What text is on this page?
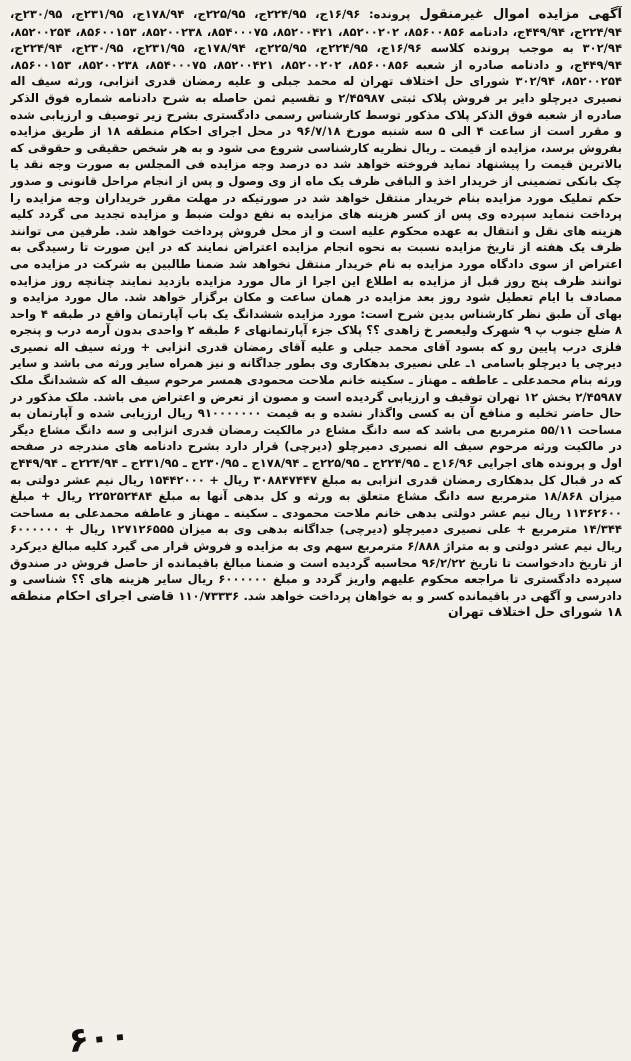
آگهی مزایده اموال غیرمنقول پرونده: ۱۶/۹۶ج، ۲۲۴/۹۵ج، ۲۲۵/۹۵ج، ۱۷۸/۹۴ج، ۲۳۱/۹۵ج، ۲۳۰/۹۵ج، ۲۲۴/۹۴ج، ۴۴۹/۹۴ج، دادنامه ۸۵۶۰۰۸۵۶، ۸۵۲۰۰۲۰۲، ۸۵۲۰۰۴۲۱، ۸۵۴۰۰۰۷۵، ۸۵۲۰۰۲۳۸، ۸۵۶۰۰۱۵۳، ۸۵۲۰۰۲۵۴، ۳۰۲/۹۴ به موجب پرونده کلاسه ۱۶/۹۶ج، ۲۲۴/۹۵ج، ۲۲۵/۹۵ج، ۱۷۸/۹۴ج، ۲۳۱/۹۵ج، ۲۳۰/۹۵ج، ۲۲۴/۹۴ج، ۴۴۹/۹۴ج، و دادنامه صادره از شعبه ۸۵۶۰۰۸۵۶، ۸۵۲۰۰۲۰۲، ۸۵۲۰۰۴۲۱، ۸۵۴۰۰۰۷۵، ۸۵۲۰۰۲۳۸، ۸۵۶۰۰۱۵۳، ۸۵۲۰۰۲۵۴، ۳۰۲/۹۴ شورای حل اختلاف تهران له محمد جبلی و علیه رمضان قدری انزابی، ورثه سیف اله نصیری دیرچلو دایر بر فروش پلاک ثبتی ۲/۴۵۹۸۷ و تقسیم ثمن حاصله به شرح دادنامه شماره فوق الذکر صادره از شعبه فوق الذکر پلاک مذکور توسط کارشناس رسمی دادگستری بشرح زیر توصیف و ارزیابی شده و مقرر است از ساعت ۴ الی ۵ سه شنبه مورخ ۹۶/۷/۱۸ در محل اجرای احکام منطقه ۱۸ از طریق مزایده بفروش برسد، مزایده از قیمت ـ ریال نظریه کارشناسی شروع می شود و به هر شخص حقیقی و حقوقی که بالاترین قیمت را پیشنهاد نماید فروخته خواهد شد ده درصد وجه مزایده فی المجلس به صورت وجه نقد یا چک بانکی تضمینی از خریدار اخذ و الباقی ظرف یک ماه از وی وصول و پس از انجام مراحل قانونی و صدور حکم تملیک مورد مزایده بنام خریدار منتقل خواهد شد در صورتیکه در مهلت مقرر خریداران وجه مزایده را پرداخت ننماید سپرده وی پس از کسر هزینه های مزایده به نفع دولت ضبط و مزایده تجدید می گردد کلیه هزینه های نقل و انتقال به عهده محکوم علیه است و از محل فروش پرداخت خواهد شد. طرفین می توانند ظرف یک هفته از تاریخ مزایده نسبت به نحوه انجام مزایده اعتراض نمایند که در این صورت تا رسیدگی به اعتراض از سوی دادگاه مورد مزایده به نام خریدار منتقل نخواهد شد ضمنا طالبین به شرکت در مزایده می توانند ظرف پنج روز قبل از مزایده به اطلاع این اجرا از مال مورد مزایده بازدید نمایند چنانچه روز مزایده مصادف با ایام تعطیل شود روز بعد مزایده در همان ساعت و مکان برگزار خواهد شد. مال مورد مزایده و بهای آن طبق نظر کارشناس بدین شرح است: مورد مزایده ششدانگ یک باب آپارتمان واقع در طبقه ۴ واحد ۸ ضلع جنوب پ ۹ شهرک ولیعصر خ زاهدی ؟؟ پلاک جزء آپارتمانهای ۶ طبقه ۲ واحدی بدون آرمه درب و پنجره فلزی درب پایین رو که بسود آقای محمد جبلی و علیه آقای رمضان قدری انزابی + ورثه سیف اله نصیری دیرچی یا دیرچلو باسامی ۱ـ علی نصیری بدهکاری وی بطور جداگانه و نیز همراه سایر ورثه می باشد و سایر ورثه بنام محمدعلی ـ عاطفه ـ مهناز ـ سکینه خانم ملاحت محمودی همسر مرحوم سیف اله که ششدانگ ملک ۲/۴۵۹۸۷ بخش ۱۲ تهران توقیف و ارزیابی گردیده است و مصون از تعرض و اعتراض می باشد. ملک مذکور در حال حاضر تخلیه و منافع آن به کسی واگذار نشده و به قیمت ۹۱۰۰۰۰۰۰۰ ریال ارزیابی شده و آپارتمان به مساحت ۵۵/۱۱ مترمربع می باشد که سه دانگ مشاع در مالکیت رمضان قدری انزابی و سه دانگ مشاع دیگر در مالکیت ورثه مرحوم سیف اله نصیری دمیرچلو (دیرچی) قرار دارد بشرح دادنامه های مندرجه در صفحه اول و پرونده های اجرایی ۱۶/۹۶ج ـ ۲۲۴/۹۵ج ـ ۲۲۵/۹۵ج ـ ۱۷۸/۹۴ج ـ ۲۳۰/۹۵ج ـ ۲۳۱/۹۵ج ـ ۲۲۴/۹۴ج ـ ۴۴۹/۹۴ج که در قبال کل بدهکاری رمضان قدری انزابی به مبلغ ۳۰۸۸۴۷۴۴۷ ریال + ۱۵۴۴۲۰۰۰ ریال نیم عشر دولتی به میزان ۱۸/۸۶۸ مترمربع سه دانگ مشاع متعلق به ورثه و کل بدهی آنها به مبلغ ۲۲۵۲۵۲۴۸۴ ریال + مبلغ ۱۱۳۶۲۶۰۰ ریال نیم عشر دولتی بدهی خانم ملاحت محمودی ـ سکینه ـ مهناز و عاطفه محمدعلی به مساحت ۱۴/۳۴۴ مترمربع + علی نصیری دمیرچلو (دیرچی) جداگانه بدهی وی به میزان ۱۲۷۱۲۶۵۵۵ ریال + ۶۰۰۰۰۰۰ ریال نیم عشر دولتی و به متراژ ۶/۸۸۸ مترمربع سهم وی به مزایده و فروش قرار می گیرد کلیه مبالغ دیرکرد از تاریخ دادخواست تا تاریخ ۹۶/۲/۲۲ محاسبه گردیده است و ضمنا مبالغ باقیمانده از حاصل فروش در صندوق سپرده دادگستری تا مراجعه محکوم علیهم واریز گردد و مبلغ ۶۰۰۰۰۰۰ ریال سایر هزینه های ؟؟ شناسی و دادرسی و آگهی در باقیمانده کسر و به خواهان پرداخت خواهد شد. ۱۱۰/۷۳۳۳۶ قاضی اجرای احکام منطقه ۱۸ شورای حل اختلاف تهران
۶۰۰
